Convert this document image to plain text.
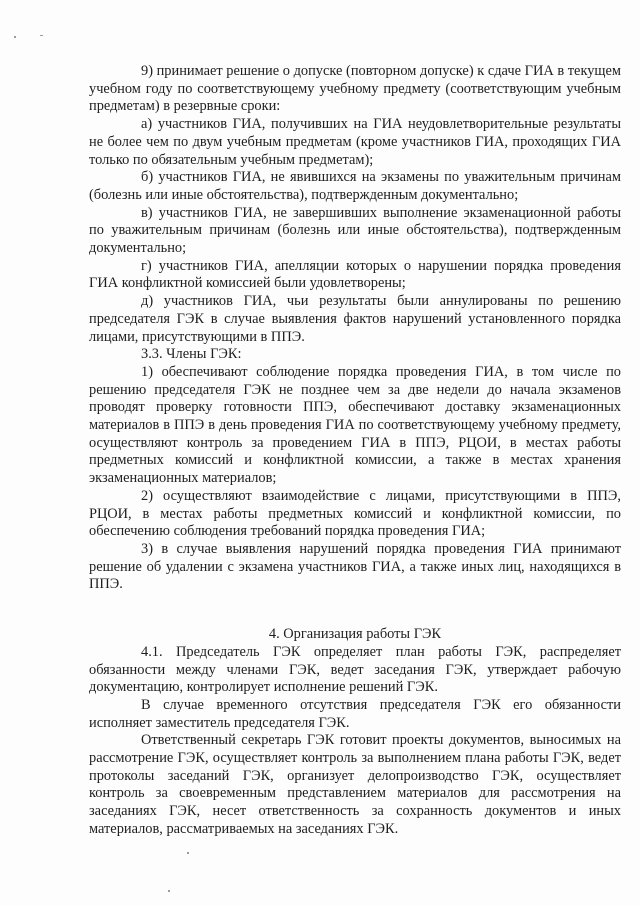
9) принимает решение о допуске (повторном допуске) к сдаче ГИА в текущем учебном году по соответствующему учебному предмету (соответствующим учебным предметам) в резервные сроки:

а) участников ГИА, получивших на ГИА неудовлетворительные результаты не более чем по двум учебным предметам (кроме участников ГИА, проходящих ГИА только по обязательным учебным предметам);

б) участников ГИА, не явившихся на экзамены по уважительным причинам (болезнь или иные обстоятельства), подтвержденным документально;

в) участников ГИА, не завершивших выполнение экзаменационной работы по уважительным причинам (болезнь или иные обстоятельства), подтвержденным документально;

г) участников ГИА, апелляции которых о нарушении порядка проведения ГИА конфликтной комиссией были удовлетворены;

д) участников ГИА, чьи результаты были аннулированы по решению председателя ГЭК в случае выявления фактов нарушений установленного порядка лицами, присутствующими в ППЭ.

3.3. Члены ГЭК:

1) обеспечивают соблюдение порядка проведения ГИА, в том числе по решению председателя ГЭК не позднее чем за две недели до начала экзаменов проводят проверку готовности ППЭ, обеспечивают доставку экзаменационных материалов в ППЭ в день проведения ГИА по соответствующему учебному предмету, осуществляют контроль за проведением ГИА в ППЭ, РЦОИ, в местах работы предметных комиссий и конфликтной комиссии, а также в местах хранения экзаменационных материалов;

2) осуществляют взаимодействие с лицами, присутствующими в ППЭ, РЦОИ, в местах работы предметных комиссий и конфликтной комиссии, по обеспечению соблюдения требований порядка проведения ГИА;

3) в случае выявления нарушений порядка проведения ГИА принимают решение об удалении с экзамена участников ГИА, а также иных лиц, находящихся в ППЭ.

4. Организация работы ГЭК

4.1. Председатель ГЭК определяет план работы ГЭК, распределяет обязанности между членами ГЭК, ведет заседания ГЭК, утверждает рабочую документацию, контролирует исполнение решений ГЭК.

В случае временного отсутствия председателя ГЭК его обязанности исполняет заместитель председателя ГЭК.

Ответственный секретарь ГЭК готовит проекты документов, выносимых на рассмотрение ГЭК, осуществляет контроль за выполнением плана работы ГЭК, ведет протоколы заседаний ГЭК, организует делопроизводство ГЭК, осуществляет контроль за своевременным представлением материалов для рассмотрения на заседаниях ГЭК, несет ответственность за сохранность документов и иных материалов, рассматриваемых на заседаниях ГЭК.
